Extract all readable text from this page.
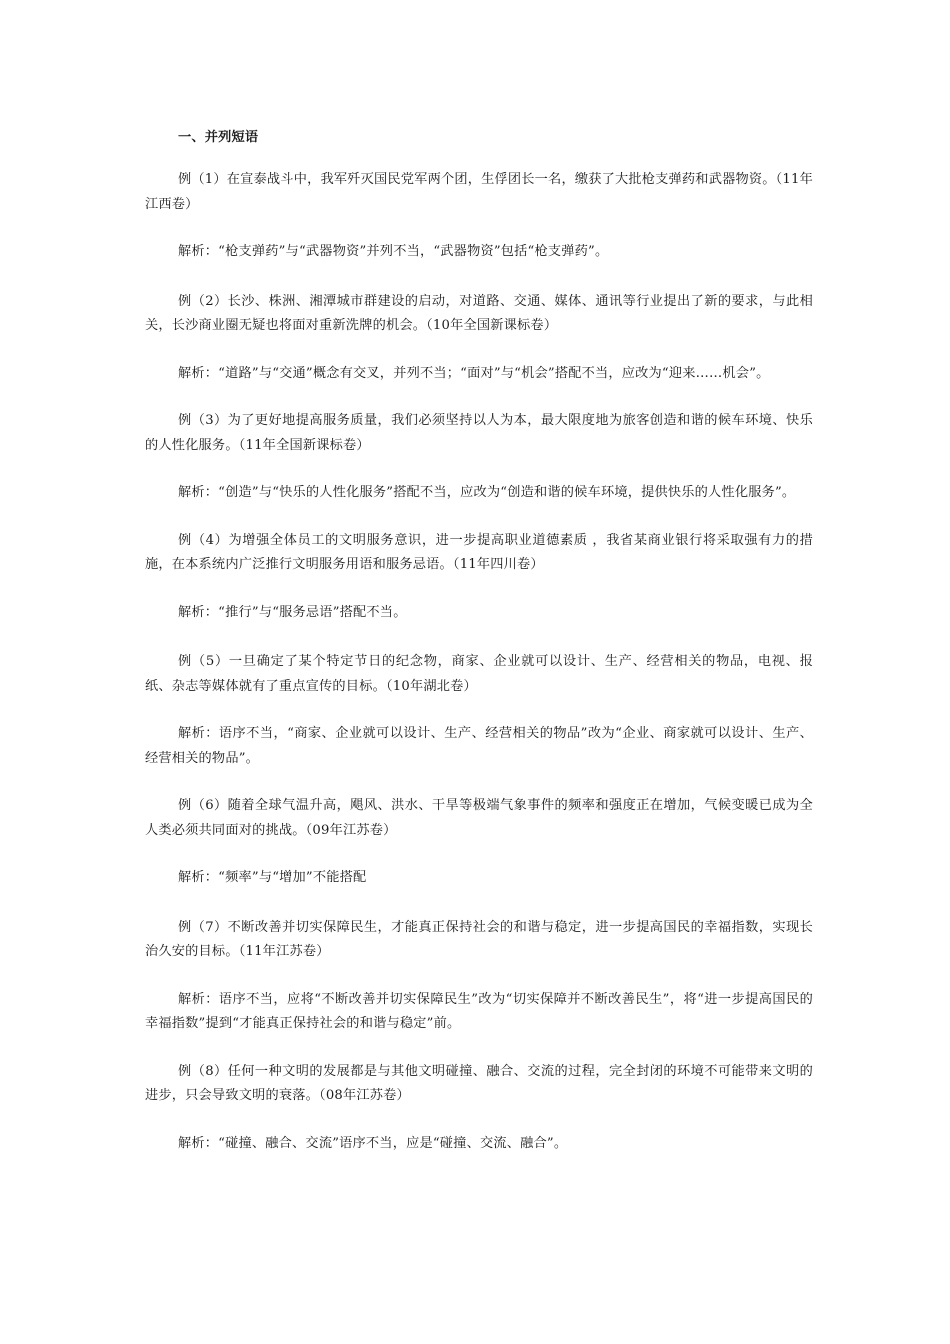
一、并列短语

例（1）在宣泰战斗中，我军歼灭国民党军两个团，生俘团长一名，缴获了大批枪支弹药和武器物资。（11年江西卷）

解析：“枪支弹药”与“武器物资”并列不当，“武器物资”包括“枪支弹药”。

例（2）长沙、株洲、湘潭城市群建设的启动，对道路、交通、媒体、通讯等行业提出了新的要求，与此相关，长沙商业圈无疑也将面对重新洗牌的机会。（10年全国新课标卷）

解析：“道路”与“交通”概念有交叉，并列不当；“面对”与“机会”搭配不当，应改为“迎来……机会”。

例（3）为了更好地提高服务质量，我们必须坚持以人为本，最大限度地为旅客创造和谐的候车环境、快乐的人性化服务。（11年全国新课标卷）

解析：“创造”与“快乐的人性化服务”搭配不当，应改为“创造和谐的候车环境，提供快乐的人性化服务”。

例（4）为增强全体员工的文明服务意识，进一步提高职业道德素质 ，我省某商业银行将采取强有力的措施，在本系统内广泛推行文明服务用语和服务忌语。（11年四川卷）

解析：“推行”与“服务忌语”搭配不当。

例（5）一旦确定了某个特定节日的纪念物，商家、企业就可以设计、生产、经营相关的物品，电视、报纸、杂志等媒体就有了重点宣传的目标。（10年湖北卷）

解析：语序不当，“商家、企业就可以设计、生产、经营相关的物品”改为“企业、商家就可以设计、生产、经营相关的物品”。

例（6）随着全球气温升高，飓风、洪水、干旱等极端气象事件的频率和强度正在增加，气候变暖已成为全人类必须共同面对的挑战。（09年江苏卷）

解析：“频率”与“增加”不能搭配

例（7）不断改善并切实保障民生，才能真正保持社会的和谐与稳定，进一步提高国民的幸福指数，实现长治久安的目标。（11年江苏卷）

解析：语序不当，应将“不断改善并切实保障民生”改为“切实保障并不断改善民生”，将“进一步提高国民的幸福指数”提到“才能真正保持社会的和谐与稳定”前。

例（8）任何一种文明的发展都是与其他文明碰撞、融合、交流的过程，完全封闭的环境不可能带来文明的进步，只会导致文明的衰落。（08年江苏卷）

解析：“碰撞、融合、交流”语序不当，应是“碰撞、交流、融合”。
